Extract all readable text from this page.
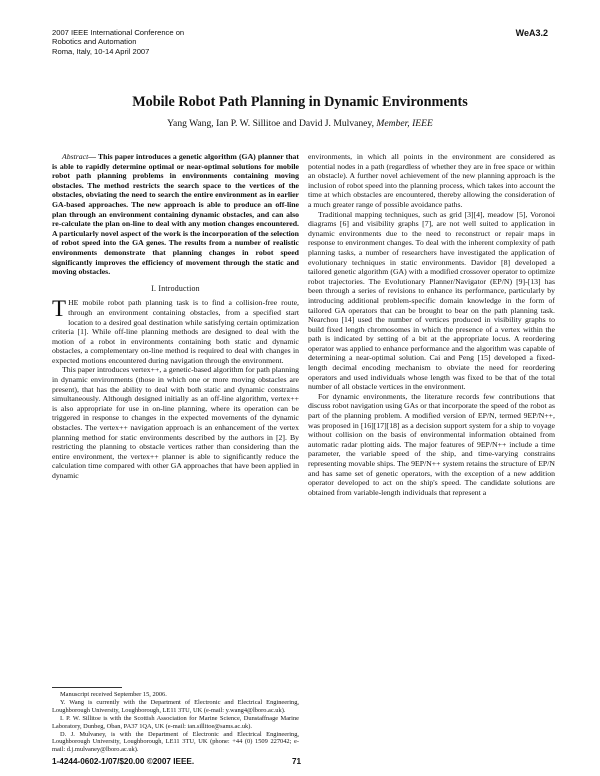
2007 IEEE International Conference on
Robotics and Automation
Roma, Italy, 10-14 April 2007
WeA3.2
Mobile Robot Path Planning in Dynamic Environments
Yang Wang, Ian P. W. Sillitoe and David J. Mulvaney, Member, IEEE

Abstract— This paper introduces a genetic algorithm (GA) planner that is able to rapidly determine optimal or near-optimal solutions for mobile robot path planning problems in environments containing moving obstacles. The method restricts the search space to the vertices of the obstacles, obviating the need to search the entire environment as in earlier GA-based approaches. The new approach is able to produce an off-line plan through an environment containing dynamic obstacles, and can also re-calculate the plan on-line to deal with any motion changes encountered. A particularly novel aspect of the work is the incorporation of the selection of robot speed into the GA genes. The results from a number of realistic environments demonstrate that planning changes in robot speed significantly improves the efficiency of movement through the static and moving obstacles.

I. Introduction

THE mobile robot path planning task is to find a collision-free route, through an environment containing obstacles, from a specified start location to a desired goal destination while satisfying certain optimization criteria [1]. While off-line planning methods are designed to deal with the motion of a robot in environments containing both static and dynamic obstacles, a complementary on-line method is required to deal with changes in expected motions encountered during navigation through the environment.

This paper introduces vertex++, a genetic-based algorithm for path planning in dynamic environments (those in which one or more moving obstacles are present), that has the ability to deal with both static and dynamic constrains simultaneously. Although designed initially as an off-line algorithm, vertex++ is also appropriate for use in on-line planning, where its operation can be triggered in response to changes in the expected movements of the dynamic obstacles. The vertex++ navigation approach is an enhancement of the vertex planning method for static environments described by the authors in [2]. By restricting the planning to obstacle vertices rather than considering than the entire environment, the vertex++ planner is able to significantly reduce the calculation time compared with other GA approaches that have been applied in dynamic

environments, in which all points in the environment are considered as potential nodes in a path (regardless of whether they are in free space or within an obstacle). A further novel achievement of the new planning approach is the inclusion of robot speed into the planning process, which takes into account the time at which obstacles are encountered, thereby allowing the consideration of a much greater range of possible avoidance paths.

Traditional mapping techniques, such as grid [3][4], meadow [5], Voronoi diagrams [6] and visibility graphs [7], are not well suited to application in dynamic environments due to the need to reconstruct or repair maps in response to environment changes. To deal with the inherent complexity of path planning tasks, a number of researchers have investigated the application of evolutionary techniques in static environments. Davidor [8] developed a tailored genetic algorithm (GA) with a modified crossover operator to optimize robot trajectories. The Evolutionary Planner/Navigator (EP/N) [9]-[13] has been through a series of revisions to enhance its performance, particularly by introducing additional problem-specific domain knowledge in the form of tailored GA operators that can be brought to bear on the path planning task. Nearchou [14] used the number of vertices produced in visibility graphs to build fixed length chromosomes in which the presence of a vertex within the path is indicated by setting of a bit at the appropriate locus. A reordering operator was applied to enhance performance and the algorithm was capable of determining a near-optimal solution. Cai and Peng [15] developed a fixed-length decimal encoding mechanism to obviate the need for reordering operators and used individuals whose length was fixed to be that of the total number of all obstacle vertices in the environment.

For dynamic environments, the literature records few contributions that discuss robot navigation using GAs or that incorporate the speed of the robot as part of the planning problem. A modified version of EP/N, termed 9EP/N++, was proposed in [16][17][18] as a decision support system for a ship to voyage without collision on the basis of environmental information obtained from automatic radar plotting aids. The major features of 9EP/N++ include a time parameter, the variable speed of the ship, and time-varying constrains representing movable ships. The 9EP/N++ system retains the structure of EP/N and has same set of genetic operators, with the exception of a new addition operator developed to act on the ship's speed. The candidate solutions are obtained from variable-length individuals that represent a

Manuscript received September 15, 2006.

Y. Wang is currently with the Department of Electronic and Electrical Engineering, Loughborough University, Loughborough, LE11 3TU, UK (e-mail: y.wang4@lboro.ac.uk).

I. P. W. Sillitoe is with the Scottish Association for Marine Science, Dunstaffnage Marine Laboratory, Dunbeg, Oban, PA37 1QA, UK (e-mail: ian.sillitoe@sams.ac.uk).

D. J. Mulvaney, is with the Department of Electronic and Electrical Engineering, Loughborough University, Loughborough, LE11 3TU, UK (phone: +44 (0) 1509 227042; e-mail: d.j.mulvaney@lboro.ac.uk).

1-4244-0602-1/07/$20.00 ©2007 IEEE.	71
